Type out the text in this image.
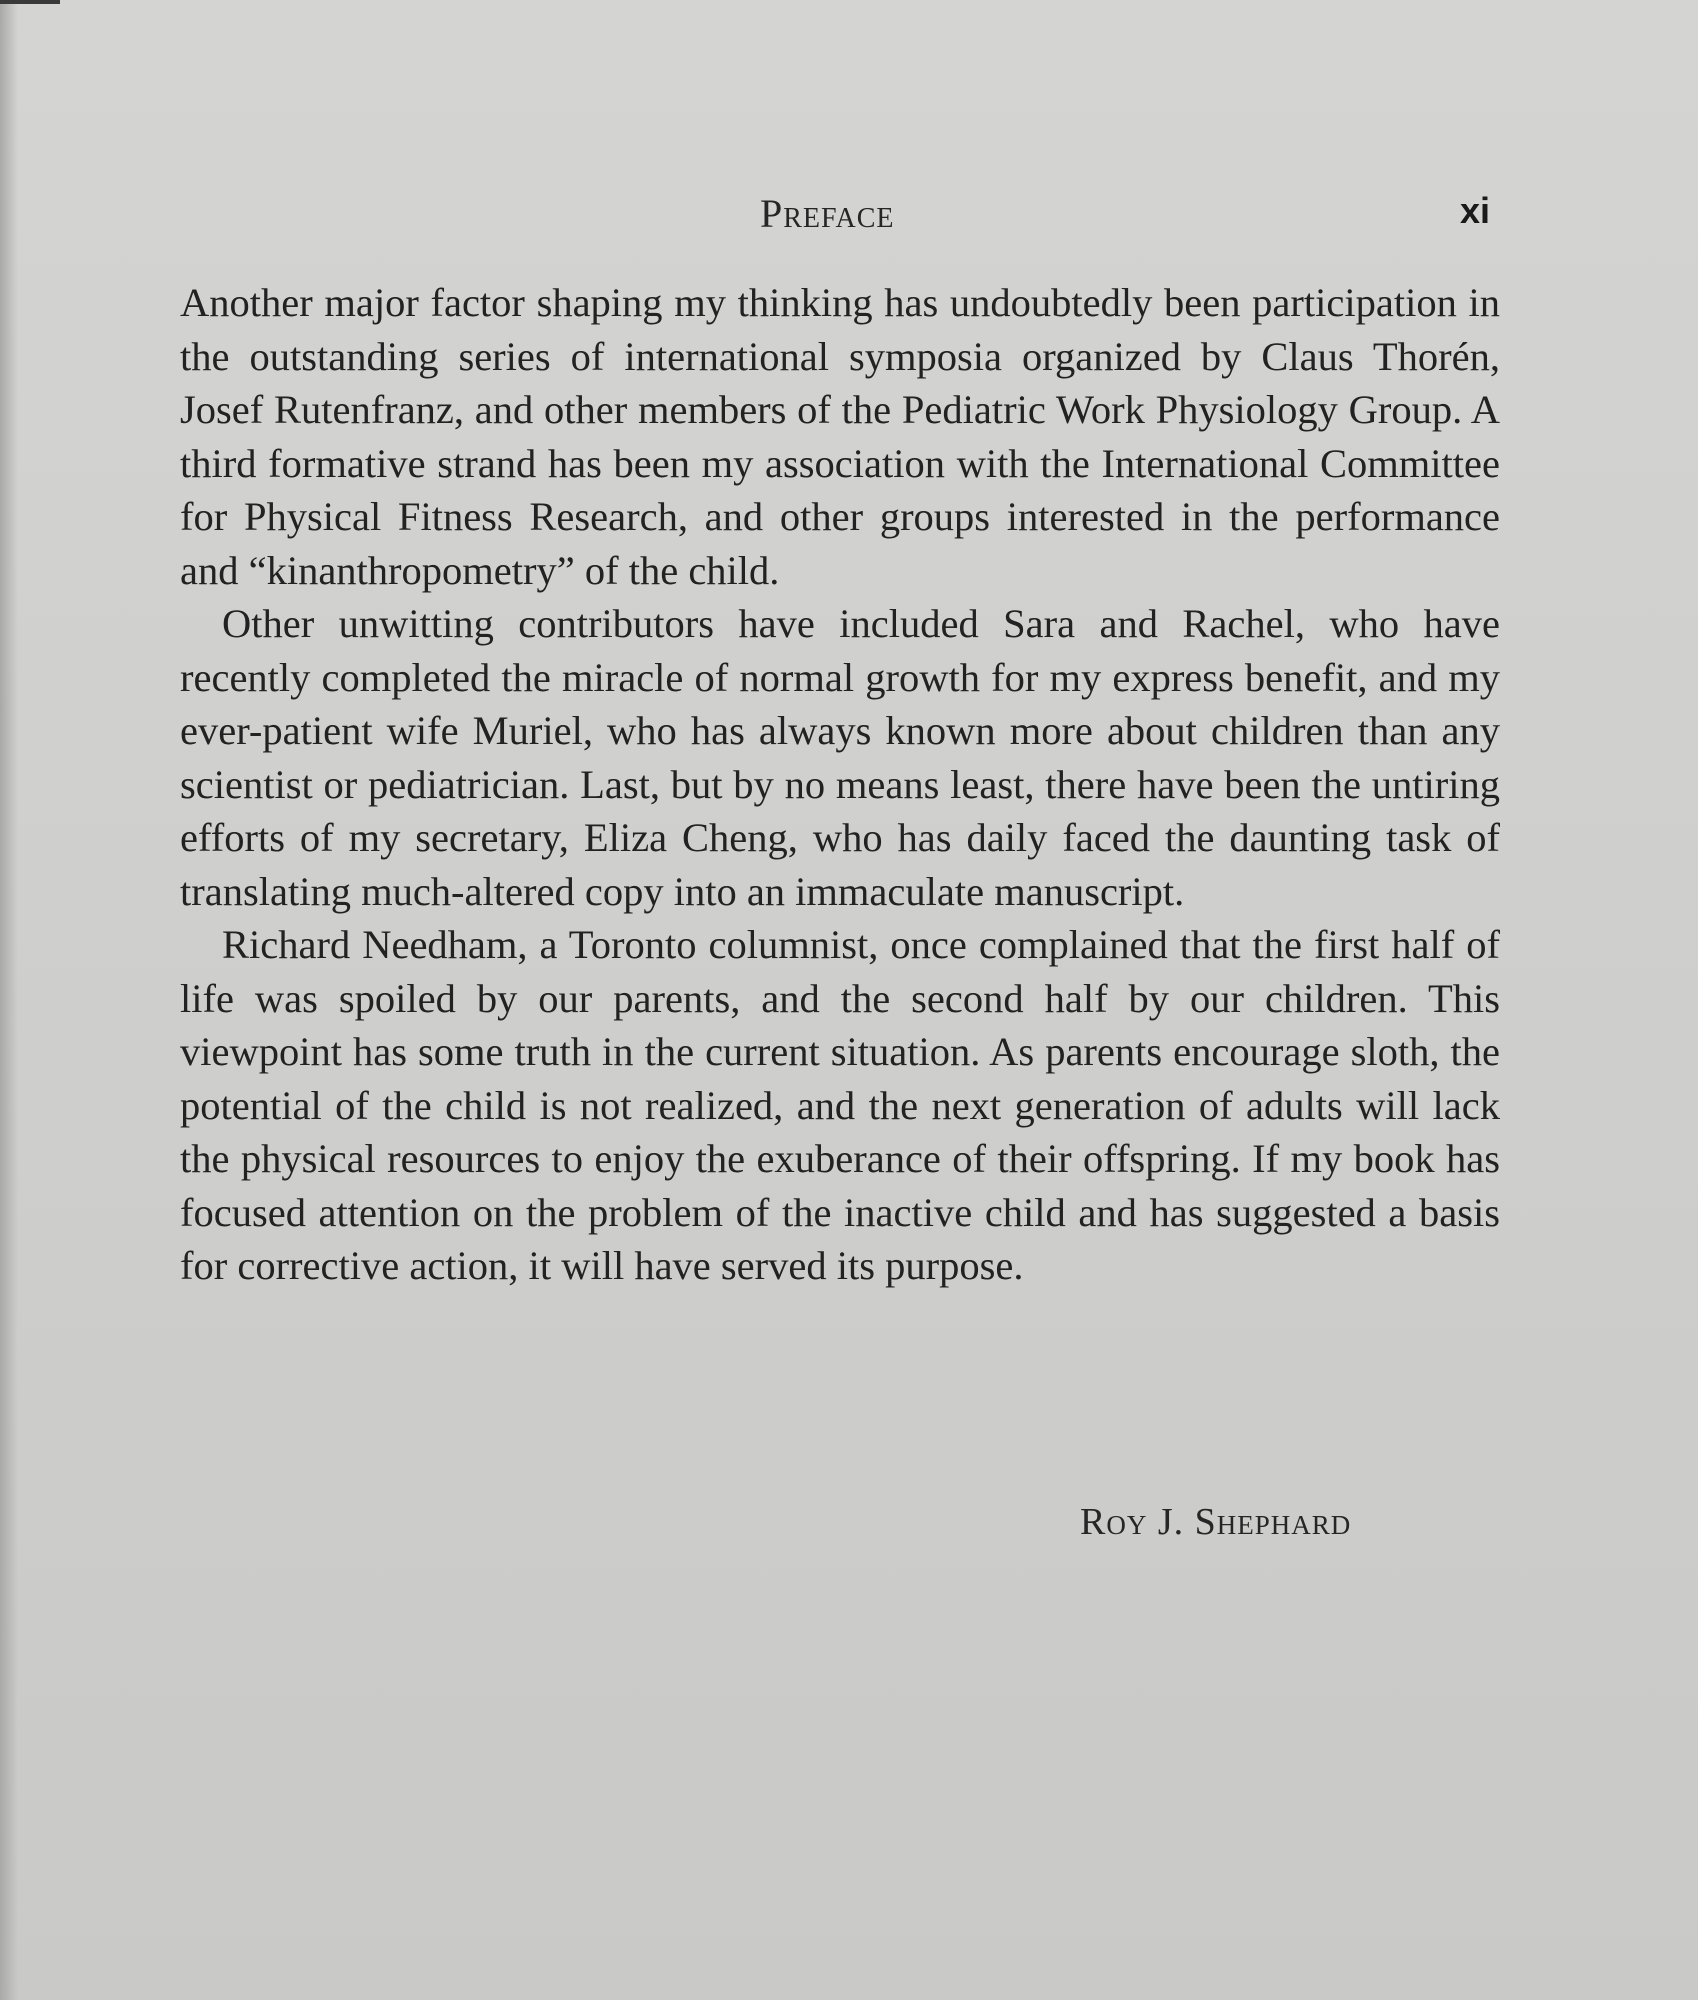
Preface	xi

Another major factor shaping my thinking has undoubtedly been participation in the outstanding series of international symposia organized by Claus Thorén, Josef Rutenfranz, and other members of the Pediatric Work Physiology Group. A third formative strand has been my association with the International Committee for Physical Fitness Research, and other groups interested in the performance and “kinanthropometry” of the child.

Other unwitting contributors have included Sara and Rachel, who have recently completed the miracle of normal growth for my express benefit, and my ever-patient wife Muriel, who has always known more about children than any scientist or pediatrician. Last, but by no means least, there have been the untiring efforts of my secretary, Eliza Cheng, who has daily faced the daunting task of translating much-altered copy into an immaculate manuscript.

Richard Needham, a Toronto columnist, once complained that the first half of life was spoiled by our parents, and the second half by our children. This viewpoint has some truth in the current situation. As parents encourage sloth, the potential of the child is not realized, and the next generation of adults will lack the physical resources to enjoy the exuberance of their offspring. If my book has focused attention on the problem of the inactive child and has suggested a basis for corrective action, it will have served its purpose.

Roy J. Shephard
